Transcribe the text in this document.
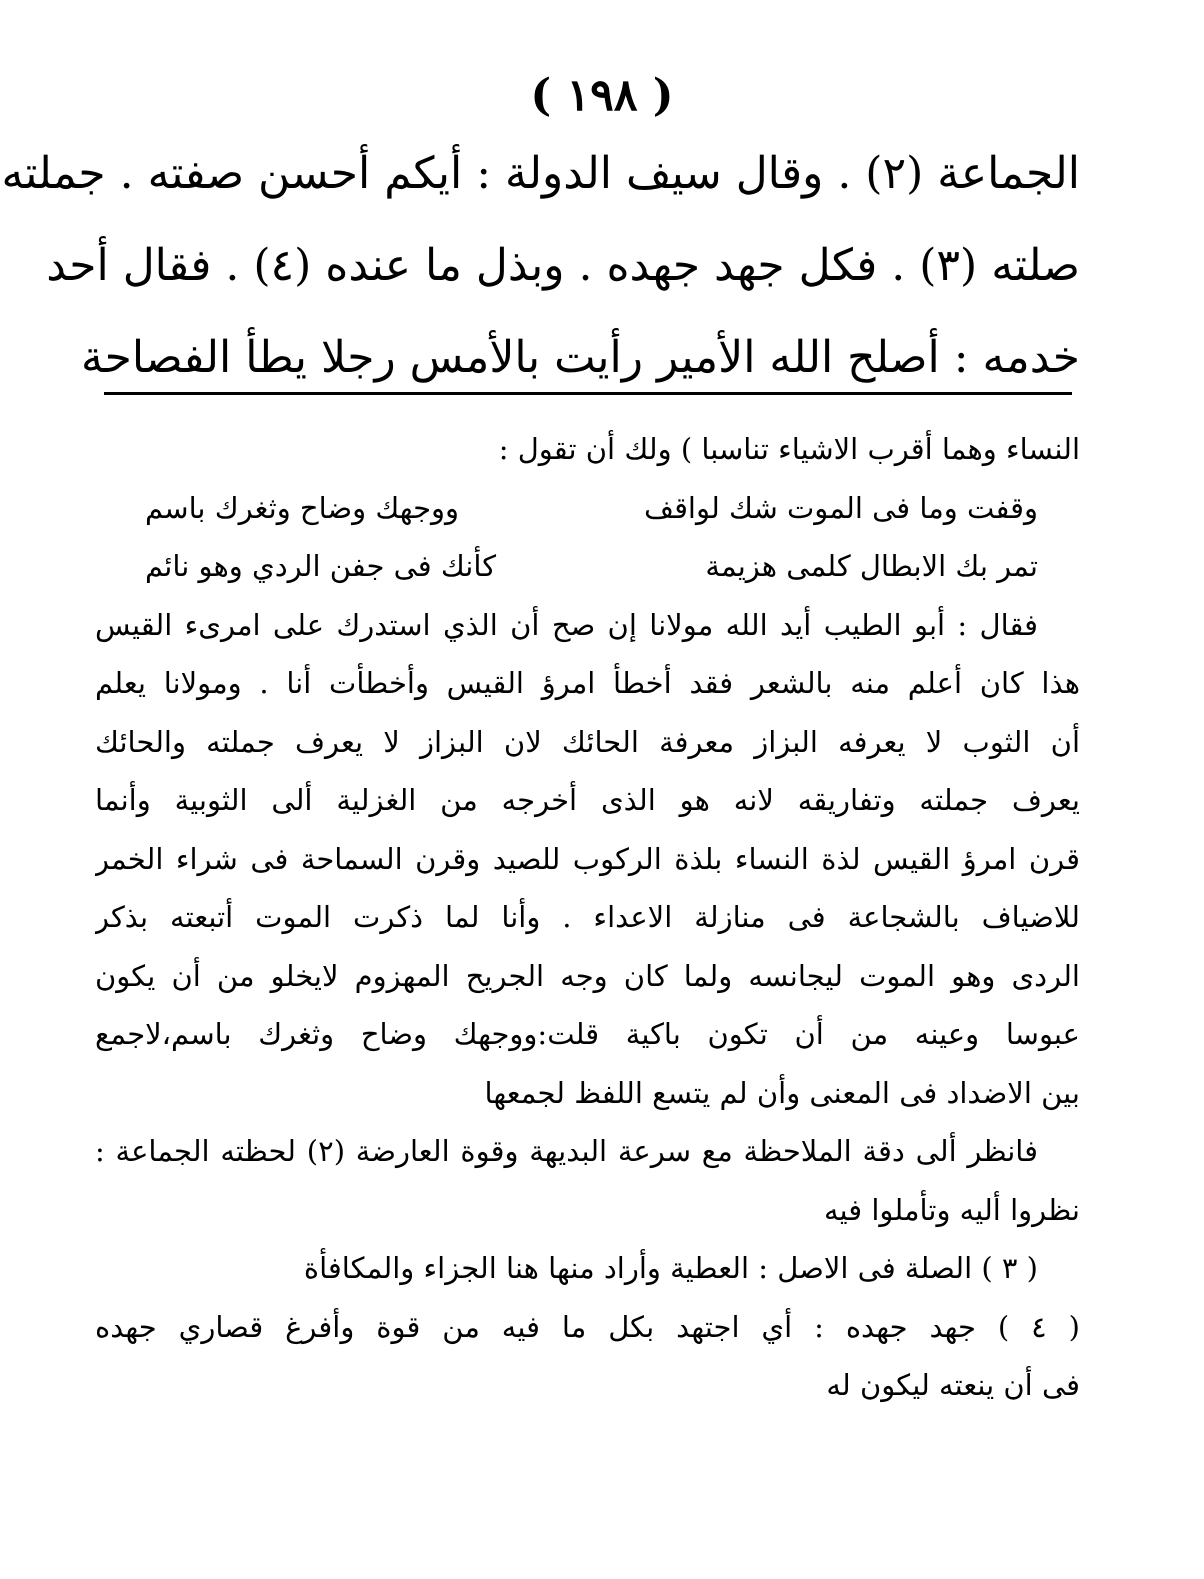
( ١٩٨ )
الجماعة (٢) . وقال سيف الدولة : أيكم أحسن صفته . جملته
صلته (٣) . فكل جهد جهده . وبذل ما عنده (٤) . فقال أحد
خدمه : أصلح الله الأمير رأيت بالأمس رجلا يطأ الفصاحة
النساء وهما أقرب الاشياء تناسبا ) ولك أن تقول :
وقفت وما فى الموت شك لواقف
ووجهك وضاح وثغرك باسم
تمر بك الابطال كلمى هزيمة
كأنك فى جفن الردي وهو نائم
فقال : أبو الطيب أيد الله مولانا إن صح أن الذي استدرك على امرىء القيس
هذا كان أعلم منه بالشعر فقد أخطأ امرؤ القيس وأخطأت أنا . ومولانا يعلم
أن الثوب لا يعرفه البزاز معرفة الحائك لان البزاز لا يعرف جملته والحائك
يعرف جملته وتفاريقه لانه هو الذى أخرجه من الغزلية ألى الثوبية وأنما
قرن امرؤ القيس لذة النساء بلذة الركوب للصيد وقرن السماحة فى شراء الخمر
للاضياف بالشجاعة فى منازلة الاعداء . وأنا لما ذكرت الموت أتبعته بذكر
الردى وهو الموت ليجانسه ولما كان وجه الجريح المهزوم لايخلو من أن يكون
عبوسا وعينه من أن تكون باكية قلت:ووجهك وضاح وثغرك باسم،لاجمع
بين الاضداد فى المعنى وأن لم يتسع اللفظ لجمعها
فانظر ألى دقة الملاحظة مع سرعة البديهة وقوة العارضة (٢) لحظته الجماعة :
نظروا أليه وتأملوا فيه
( ٣ ) الصلة فى الاصل : العطية وأراد منها هنا الجزاء والمكافأة
( ٤ ) جهد جهده : أي اجتهد بكل ما فيه من قوة وأفرغ قصاري جهده
فى أن ينعته ليكون له
